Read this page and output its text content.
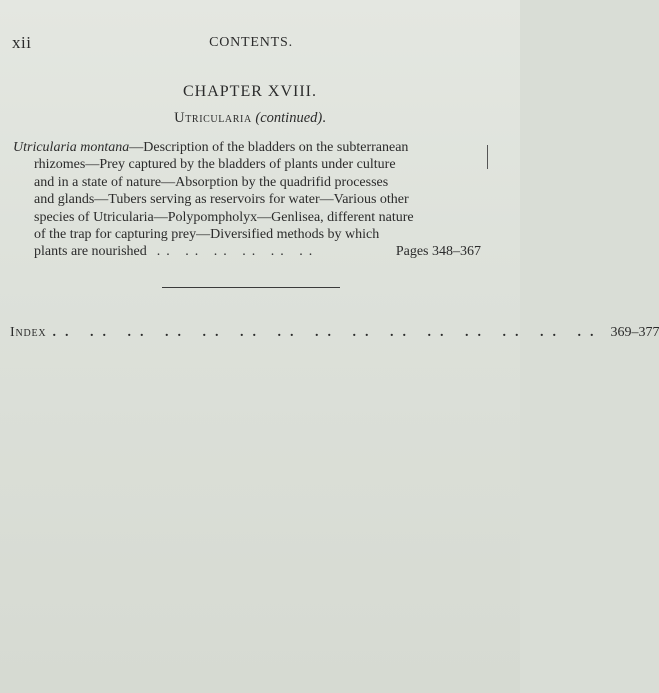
xii	CONTENTS.
CHAPTER XVIII.
Utricularia (continued).
Utricularia montana—Description of the bladders on the subterranean
rhizomes—Prey captured by the bladders of plants under culture
and in a state of nature—Absorption by the quadrifid processes
and glands—Tubers serving as reservoirs for water—Various other
species of Utricularia—Polypompholyx—Genlisea, different nature
of the trap for capturing prey—Diversified methods by which
plants are nourished .. .. .. .. .. ..	Pages 348–367
Index .. .. .. .. .. .. .. .. .. .. .. .. .. .. .. 369–377
